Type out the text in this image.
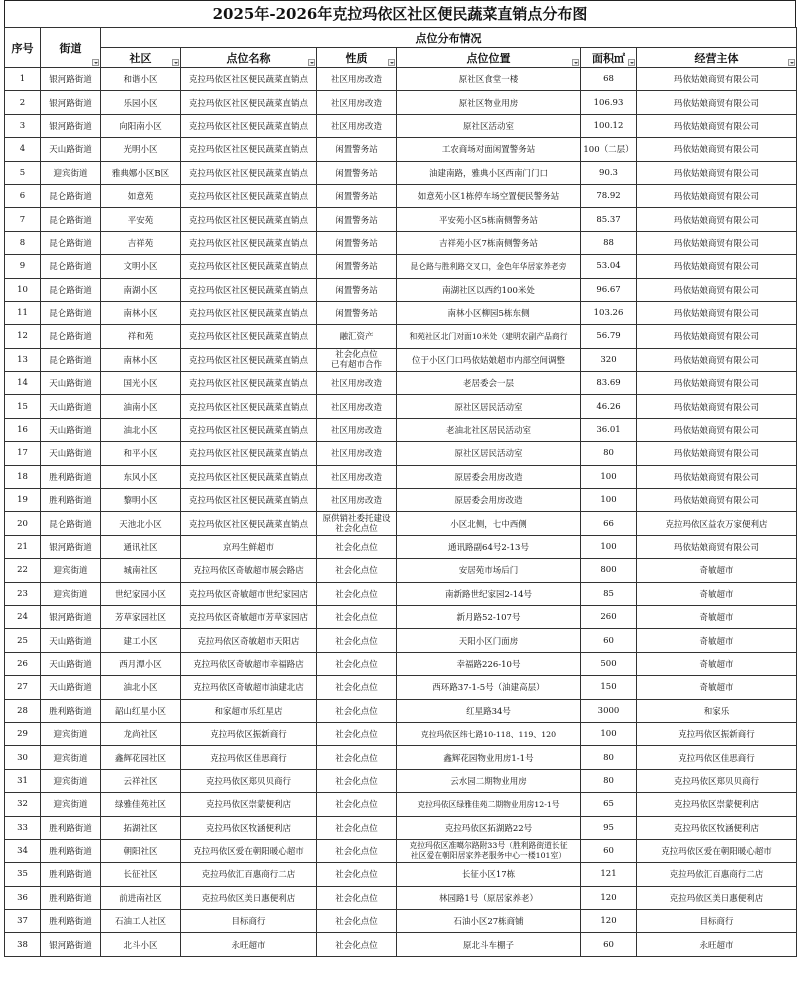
2025年-2026年克拉玛依区社区便民蔬菜直销点分布图
序号	街道	点位分布情况					
		社区	点位名称	性质	点位位置	面积㎡	经营主体

1	银河路街道	和谐小区	克拉玛依区社区便民蔬菜直销点	社区用房改造	原社区食堂一楼	68	玛依姑娘商贸有限公司
2	银河路街道	乐园小区	克拉玛依区社区便民蔬菜直销点	社区用房改造	原社区物业用房	106.93	玛依姑娘商贸有限公司
3	银河路街道	向阳南小区	克拉玛依区社区便民蔬菜直销点	社区用房改造	原社区活动室	100.12	玛依姑娘商贸有限公司
4	天山路街道	光明小区	克拉玛依区社区便民蔬菜直销点	闲置警务站	工农商场对面闲置警务站	100（二层）	玛依姑娘商贸有限公司
5	迎宾街道	雅典娜小区B区	克拉玛依区社区便民蔬菜直销点	闲置警务站	油建南路，雅典小区西南门门口	90.3	玛依姑娘商贸有限公司
6	昆仑路街道	如意苑	克拉玛依区社区便民蔬菜直销点	闲置警务站	如意苑小区1栋停车场空置便民警务站	78.92	玛依姑娘商贸有限公司
7	昆仑路街道	平安苑	克拉玛依区社区便民蔬菜直销点	闲置警务站	平安苑小区5栋南侧警务站	85.37	玛依姑娘商贸有限公司
8	昆仑路街道	吉祥苑	克拉玛依区社区便民蔬菜直销点	闲置警务站	吉祥苑小区7栋南侧警务站	88	玛依姑娘商贸有限公司
9	昆仑路街道	文明小区	克拉玛依区社区便民蔬菜直销点	闲置警务站	昆仑路与胜利路交叉口，金色年华居家养老旁	53.04	玛依姑娘商贸有限公司
10	昆仑路街道	南湖小区	克拉玛依区社区便民蔬菜直销点	闲置警务站	南湖社区以西约100米处	96.67	玛依姑娘商贸有限公司
11	昆仑路街道	南林小区	克拉玛依区社区便民蔬菜直销点	闲置警务站	南林小区柳园5栋东侧	103.26	玛依姑娘商贸有限公司
12	昆仑路街道	祥和苑	克拉玛依区社区便民蔬菜直销点	融汇资产	和苑社区北门对面10米处（建明农副产品商行	56.79	玛依姑娘商贸有限公司
13	昆仑路街道	南林小区	克拉玛依区社区便民蔬菜直销点	社会化点位
已有超市合作	位于小区门口玛依姑娘超市内部空间调整	320	玛依姑娘商贸有限公司
14	天山路街道	国光小区	克拉玛依区社区便民蔬菜直销点	社区用房改造	老居委会一层	83.69	玛依姑娘商贸有限公司
15	天山路街道	油南小区	克拉玛依区社区便民蔬菜直销点	社区用房改造	原社区居民活动室	46.26	玛依姑娘商贸有限公司
16	天山路街道	油北小区	克拉玛依区社区便民蔬菜直销点	社区用房改造	老油北社区居民活动室	36.01	玛依姑娘商贸有限公司
17	天山路街道	和平小区	克拉玛依区社区便民蔬菜直销点	社区用房改造	原社区居民活动室	80	玛依姑娘商贸有限公司
18	胜利路街道	东风小区	克拉玛依区社区便民蔬菜直销点	社区用房改造	原居委会用房改造	100	玛依姑娘商贸有限公司
19	胜利路街道	黎明小区	克拉玛依区社区便民蔬菜直销点	社区用房改造	原居委会用房改造	100	玛依姑娘商贸有限公司
20	昆仑路街道	天池北小区	克拉玛依区社区便民蔬菜直销点	原供销社委托建设
社会化点位	小区北侧，七中西侧	66	克拉玛依区益农万家便利店
21	银河路街道	通讯社区	京玛生鲜超市	社会化点位	通讯路副64号2-13号	100	玛依姑娘商贸有限公司
22	迎宾街道	城南社区	克拉玛依区奇敏超市展会路店	社会化点位	安居苑市场后门	800	奇敏超市
23	迎宾街道	世纪家园小区	克拉玛依区奇敏超市世纪家园店	社会化点位	南新路世纪家园2-14号	85	奇敏超市
24	银河路街道	芳草家园社区	克拉玛依区奇敏超市芳草家园店	社会化点位	新月路52-107号	260	奇敏超市
25	天山路街道	建工小区	克拉玛依区奇敏超市天阳店	社会化点位	天阳小区门面房	60	奇敏超市
26	天山路街道	西月潭小区	克拉玛依区奇敏超市幸福路店	社会化点位	幸福路226-10号	500	奇敏超市
27	天山路街道	油北小区	克拉玛依区奇敏超市油建北店	社会化点位	西环路37-1-5号（油建高层）	150	奇敏超市
28	胜利路街道	韶山红星小区	和家超市乐红星店	社会化点位	红星路34号	3000	和家乐
29	迎宾街道	龙尚社区	克拉玛依区振新商行	社会化点位	克拉玛依区纬七路10-118、119、120	100	克拉玛依区振新商行
30	迎宾街道	鑫辉花园社区	克拉玛依区佳思商行	社会化点位	鑫辉花园物业用房1-1号	80	克拉玛依区佳思商行
31	迎宾街道	云祥社区	克拉玛依区郑贝贝商行	社会化点位	云水园二期物业用房	80	克拉玛依区郑贝贝商行
32	迎宾街道	绿雅佳苑社区	克拉玛依区崇蒙便利店	社会化点位	克拉玛依区绿雅佳苑二期物业用房12-1号	65	克拉玛依区崇蒙便利店
33	胜利路街道	拓湖社区	克拉玛依区牧涵便利店	社会化点位	克拉玛依区拓湖路22号	95	克拉玛依区牧涵便利店
34	胜利路街道	朝阳社区	克拉玛依区爱在朝阳暖心超市	社会化点位	克拉玛依区准噶尔路附33号（胜利路街道长征
社区爱在朝阳居家养老服务中心一楼101室）	60	克拉玛依区爱在朝阳暖心超市
35	胜利路街道	长征社区	克拉玛依汇百惠商行二店	社会化点位	长征小区17栋	121	克拉玛依汇百惠商行二店
36	胜利路街道	前进南社区	克拉玛依区美日惠便利店	社会化点位	林园路1号（原居家养老）	120	克拉玛依区美日惠便利店
37	胜利路街道	石油工人社区	目标商行	社会化点位	石油小区27栋商铺	120	目标商行
38	银河路街道	北斗小区	永旺超市	社会化点位	原北斗车棚子	60	永旺超市
